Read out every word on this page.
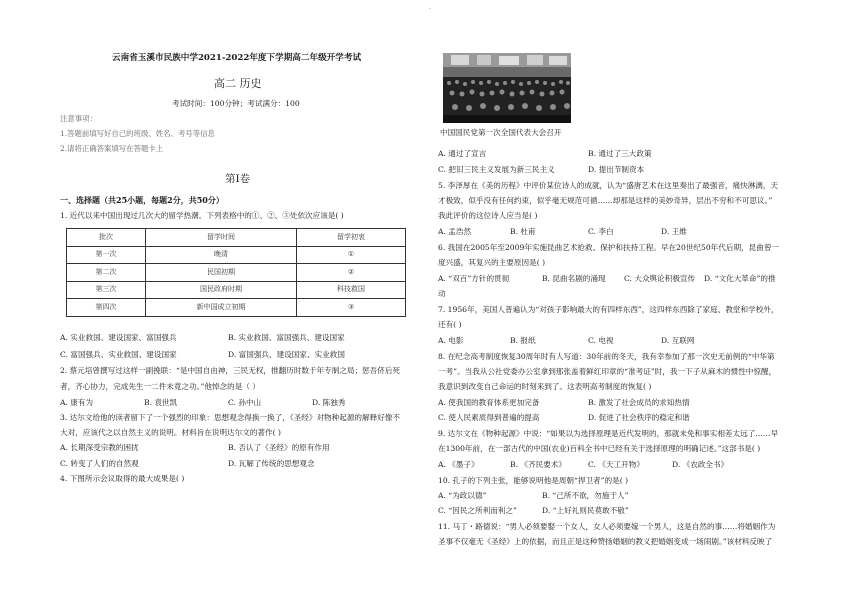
·
云南省玉溪市民族中学2021-2022年度下学期高二年级开学考试
高二 历史
考试时间：100分钟；考试满分：100
注意事项：
1.答题前填写好自己的班级、姓名、考号等信息
2.请将正确答案填写在答题卡上
第Ⅰ卷
一、选择题（共25小题，每题2分，共50分）
1. 近代以来中国出现过几次大的留学热潮。下列表格中的①、②、③处依次应该是( )
批次	留学时间	留学初衷
第一次	晚清	①
第二次	民国初期	②
第三次	国民政府时期	科技救国
第四次	新中国成立初期	③
A. 实业救国、建设国家、富国强兵	B. 实业救国、富国强兵、建设国家
C. 富国强兵、实业救国、建设国家	D. 富国强兵、建设国家、实业救国
2. 蔡元培曾撰写过这样一副挽联：“是中国自由神，三民无权，推翻历时数千年专制之局；惩吾侪后死
者，齐心协力，完成先生一二件未竟之功。”他悼念的是（ ）
A. 康有为	B. 袁世凯	C. 孙中山	D. 陈独秀
3. 达尔文给他的读者留下了一个强烈的印象：思想观念得换一换了，《圣经》对物种起源的解释好像不
大对，应该代之以自然主义的说明。材料旨在说明达尔文的著作( )
A. 长期深受宗教的困扰	B. 否认了《圣经》的原有作用
C. 转变了人们的自然观	D. 瓦解了传统的思想观念
4. 下图所示会议取得的最大成果是( )
中国国民党第一次全国代表大会召开
A. 通过了宣言	B. 通过了三大政策
C. 把旧三民主义发展为新三民主义	D. 提出节制资本
5. 李泽厚在《美的历程》中评价某位诗人的成就，认为“盛唐艺术在这里奏出了最强音，痛快淋漓，天
才极致，似乎没有任何约束，似乎毫无规范可循……却那是这样的美妙奇异，层出不穷和不可思议。”
我此评价的这位诗人应当是( )
A. 孟浩然	B. 杜甫	C. 李白	D. 王维
6. 我国在2005年至2009年实施昆曲艺术抢救、保护和扶持工程。早在20世纪50年代后期，昆曲曾一
度兴盛，其复兴的主要原因是( )
A. “双百”方针的贯彻	B. 昆曲名剧的涌现 C. 大众舆论积极宣传 D. “文化大革命”的推
动
7. 1956年，美国人普遍认为“对孩子影响最大的有四样东西”，这四样东西除了家庭、教堂和学校外，
还有( )
A. 电影	B. 报纸	C. 电视	D. 互联网
8. 在纪念高考制度恢复30周年时有人写道：30年前的冬天，我有幸参加了那一次史无前例的“中华第
一考”。当我从公社党委办公室拿到那张盖着鲜红印章的“准考证”时，我一下子从麻木的惯性中惊醒，
我意识到改变自己命运的时刻来到了。这表明高考制度的恢复( )
A. 使我国的教育体系更加完备	B. 激发了社会成员的求知热情
C. 使人民素质得到普遍的提高	D. 促进了社会秩序的稳定和谐
9. 达尔文在《物种起源》中说：“如果以为选择原理是近代发明的，那就未免和事实相差太远了……早
在1300年前，在一部古代的中国(农业)百科全书中已经有关于选择原理的明确记述。”这部书是( )
A. 《墨子》	B. 《齐民要术》	C. 《天工开物》	D. 《农政全书》
10. 孔子的下列主张，能够说明他是周朝“捍卫者”的是( )
A. “为政以德”	B. “己所不欲，勿施于人”
C. “因民之所利而利之”	D. “上好礼则民莫敢不敬”
11. 马丁・路德说：“男人必须要娶一个女人，女人必须要嫁一个男人，这是自然的事……将婚姻作为
圣事不仅毫无《圣经》上的依据，而且正是这种赞扬婚姻的教义把婚姻变成一场闹剧。”该材料反映了
